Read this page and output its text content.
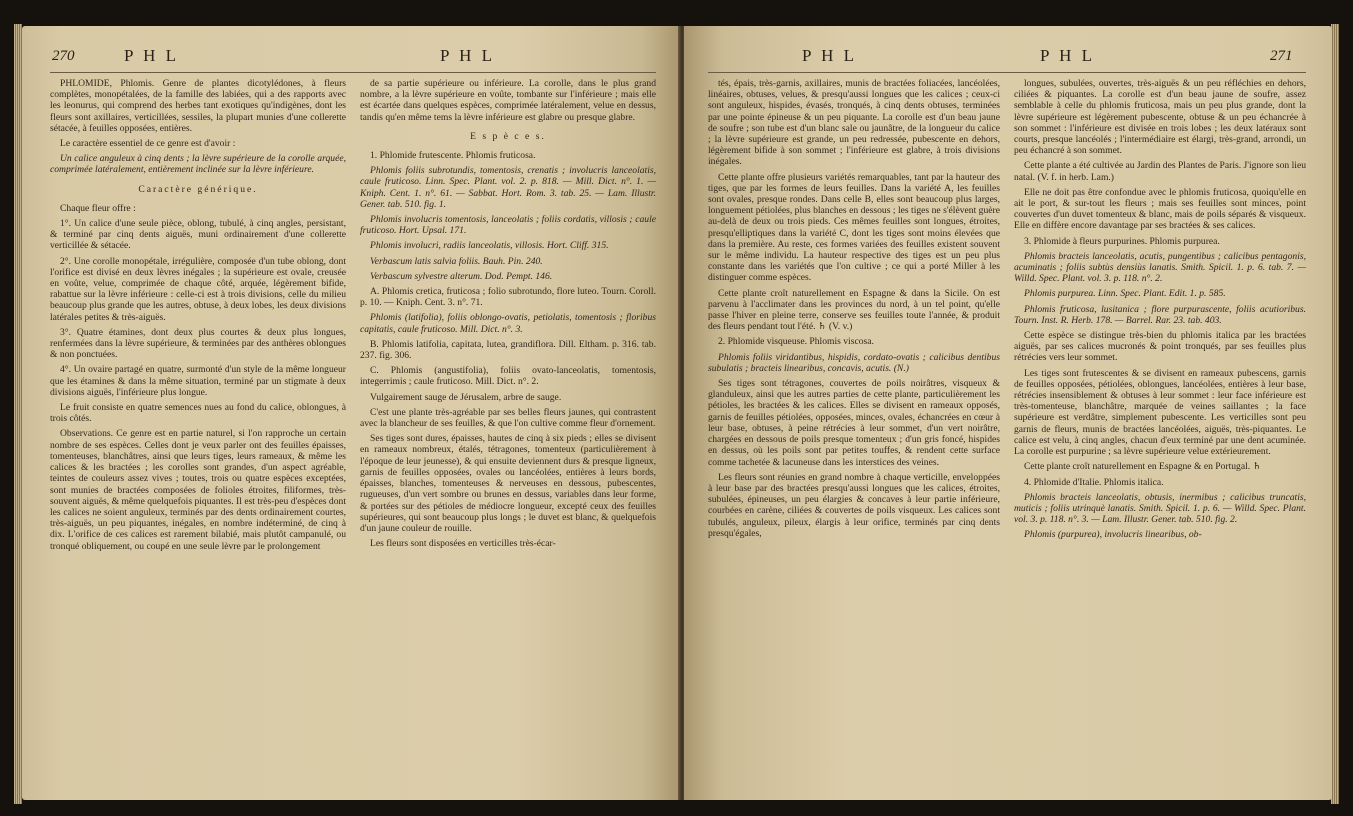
270	P H L	P H L

PHLOMIDE, Phlomis. Genre de plantes dicotylédones, à fleurs complètes, monopétalées, de la famille des labiées, qui a des rapports avec les leonurus, qui comprend des herbes tant exotiques qu'indigènes, dont les fleurs sont axillaires, verticillées, sessiles, la plupart munies d'une collerette sétacée, à feuilles opposées, entières.

Le caractère essentiel de ce genre est d'avoir :

Un calice anguleux à cinq dents ; la lèvre supérieure de la corolle arquée, comprimée latéralement, entièrement inclinée sur la lèvre inférieure.

Caractère générique.

Chaque fleur offre :

1°. Un calice d'une seule pièce, oblong, tubulé, à cinq angles, persistant, & terminé par cinq dents aiguës, muni ordinairement d'une collerette verticillée & sétacée.

2°. Une corolle monopétale, irrégulière, composée d'un tube oblong, dont l'orifice est divisé en deux lèvres inégales ; la supérieure est ovale, creusée en voûte, velue, comprimée de chaque côté, arquée, légèrement bifide, rabattue sur la lèvre inférieure : celle-ci est à trois divisions, celle du milieu beaucoup plus grande que les autres, obtuse, à deux lobes, les deux divisions latérales petites & très-aiguës.

3°. Quatre étamines, dont deux plus courtes & deux plus longues, renfermées dans la lèvre supérieure, & terminées par des anthères oblongues & non ponctuées.

4°. Un ovaire partagé en quatre, surmonté d'un style de la même longueur que les étamines & dans la même situation, terminé par un stigmate à deux divisions aiguës, l'inférieure plus longue.

Le fruit consiste en quatre semences nues au fond du calice, oblongues, à trois côtés.

Observations. Ce genre est en partie naturel, si l'on rapproche un certain nombre de ses espèces. Celles dont je veux parler ont des feuilles épaisses, tomenteuses, blanchâtres, ainsi que leurs tiges, leurs rameaux, & même les calices & les bractées ; les corolles sont grandes, d'un aspect agréable, teintes de couleurs assez vives ; toutes, trois ou quatre espèces exceptées, sont munies de bractées composées de folioles étroites, filiformes, très-souvent aiguës, & même quelquefois piquantes. Il est très-peu d'espèces dont les calices ne soient anguleux, terminés par des dents ordinairement courtes, très-aiguës, un peu piquantes, inégales, en nombre indéterminé, de cinq à dix. L'orifice de ces calices est rarement bilabié, mais plutôt campanulé, ou tronqué obliquement, ou coupé en une seule lèvre par le prolongement

de sa partie supérieure ou inférieure. La corolle, dans le plus grand nombre, a la lèvre supérieure en voûte, tombante sur l'inférieure ; mais elle est écartée dans quelques espèces, comprimée latéralement, velue en dessus, tandis qu'en même tems la lèvre inférieure est glabre ou presque glabre.

E s p è c e s.

1. Phlomide frutescente. Phlomis fruticosa.

Phlomis foliis subrotundis, tomentosis, crenatis ; involucris lanceolatis, caule fruticoso. Linn. Spec. Plant. vol. 2. p. 818. — Mill. Dict. n°. 1. — Kniph. Cent. 1. n°. 61. — Sabbat. Hort. Rom. 3. tab. 25. — Lam. Illustr. Gener. tab. 510. fig. 1.

Phlomis involucris tomentosis, lanceolatis ; foliis cordatis, villosis ; caule fruticoso. Hort. Upsal. 171.

Phlomis involucri, radiis lanceolatis, villosis. Hort. Cliff. 315.

Verbascum latis salvia foliis. Bauh. Pin. 240.

Verbascum sylvestre alterum. Dod. Pempt. 146.

A. Phlomis cretica, fruticosa ; folio subrotundo, flore luteo. Tourn. Coroll. p. 10. — Kniph. Cent. 3. n°. 71.

Phlomis (latifolia), foliis oblongo-ovatis, petiolatis, tomentosis ; floribus capitatis, caule fruticoso. Mill. Dict. n°. 3.

B. Phlomis latifolia, capitata, lutea, grandiflora. Dill. Eltham. p. 316. tab. 237. fig. 306.

C. Phlomis (angustifolia), foliis ovato-lanceolatis, tomentosis, integerrimis ; caule fruticoso. Mill. Dict. n°. 2.

Vulgairement sauge de Jérusalem, arbre de sauge.

C'est une plante très-agréable par ses belles fleurs jaunes, qui contrastent avec la blancheur de ses feuilles, & que l'on cultive comme fleur d'ornement.

Ses tiges sont dures, épaisses, hautes de cinq à six pieds ; elles se divisent en rameaux nombreux, étalés, tétragones, tomenteux (particulièrement à l'époque de leur jeunesse), & qui ensuite deviennent durs & presque ligneux, garnis de feuilles opposées, ovales ou lancéolées, entières à leurs bords, épaisses, blanches, tomenteuses & nerveuses en dessous, pubescentes, rugueuses, d'un vert sombre ou brunes en dessus, variables dans leur forme, & portées sur des pétioles de médiocre longueur, excepté ceux des feuilles supérieures, qui sont beaucoup plus longs ; le duvet est blanc, & quelquefois d'un jaune couleur de rouille.

Les fleurs sont disposées en verticilles très-écar-

P H L	P H L	271

tés, épais, très-garnis, axillaires, munis de bractées foliacées, lancéolées, linéaires, obtuses, velues, & presqu'aussi longues que les calices ; ceux-ci sont anguleux, hispides, évasés, tronqués, à cinq dents obtuses, terminées par une pointe épineuse & un peu piquante. La corolle est d'un beau jaune de soufre ; son tube est d'un blanc sale ou jaunâtre, de la longueur du calice ; la lèvre supérieure est grande, un peu redressée, pubescente en dehors, légèrement bifide à son sommet ; l'inférieure est glabre, à trois divisions inégales.

Cette plante offre plusieurs variétés remarquables, tant par la hauteur des tiges, que par les formes de leurs feuilles. Dans la variété A, les feuilles sont ovales, presque rondes. Dans celle B, elles sont beaucoup plus larges, longuement pétiolées, plus blanches en dessous ; les tiges ne s'élèvent guère au-delà de deux ou trois pieds. Ces mêmes feuilles sont longues, étroites, presqu'elliptiques dans la variété C, dont les tiges sont moins élevées que dans la première. Au reste, ces formes variées des feuilles existent souvent sur le même individu. La hauteur respective des tiges est un peu plus constante dans les variétés que l'on cultive ; ce qui a porté Miller à les distinguer comme espèces.

Cette plante croît naturellement en Espagne & dans la Sicile. On est parvenu à l'acclimater dans les provinces du nord, à un tel point, qu'elle passe l'hiver en pleine terre, conserve ses feuilles toute l'année, & produit des fleurs pendant tout l'été. ♄ (V. v.)

2. Phlomide visqueuse. Phlomis viscosa.

Phlomis foliis viridantibus, hispidis, cordato-ovatis ; calicibus dentibus subulatis ; bracteis linearibus, concavis, acutis. (N.)

Ses tiges sont tétragones, couvertes de poils noirâtres, visqueux & glanduleux, ainsi que les autres parties de cette plante, particulièrement les pétioles, les bractées & les calices. Elles se divisent en rameaux opposés, garnis de feuilles pétiolées, opposées, minces, ovales, échancrées en cœur à leur base, obtuses, à peine rétrécies à leur sommet, d'un vert noirâtre, chargées en dessous de poils presque tomenteux ; d'un gris foncé, hispides en dessus, où les poils sont par petites touffes, & rendent cette surface comme tachetée & lacuneuse dans les interstices des veines.

Les fleurs sont réunies en grand nombre à chaque verticille, enveloppées à leur base par des bractées presqu'aussi longues que les calices, étroites, subulées, épineuses, un peu élargies & concaves à leur partie inférieure, courbées en carène, ciliées & couvertes de poils visqueux. Les calices sont tubulés, anguleux, pileux, élargis à leur orifice, terminés par cinq dents presqu'égales,

longues, subulées, ouvertes, très-aiguës & un peu réfléchies en dehors, ciliées & piquantes. La corolle est d'un beau jaune de soufre, assez semblable à celle du phlomis fruticosa, mais un peu plus grande, dont la lèvre supérieure est légèrement pubescente, obtuse & un peu échancrée à son sommet : l'inférieure est divisée en trois lobes ; les deux latéraux sont courts, presque lancéolés ; l'intermédiaire est élargi, très-grand, arrondi, un peu échancré à son sommet.

Cette plante a été cultivée au Jardin des Plantes de Paris. J'ignore son lieu natal. (V. f. in herb. Lam.)

Elle ne doit pas être confondue avec le phlomis fruticosa, quoiqu'elle en ait le port, & sur-tout les fleurs ; mais ses feuilles sont minces, point couvertes d'un duvet tomenteux & blanc, mais de poils séparés & visqueux. Elle en diffère encore davantage par ses bractées & ses calices.

3. Phlomide à fleurs purpurines. Phlomis purpurea.

Phlomis bracteis lanceolatis, acutis, pungentibus ; calicibus pentagonis, acuminatis ; foliis subtùs densiùs lanatis. Smith. Spicil. 1. p. 6. tab. 7. — Willd. Spec. Plant. vol. 3. p. 118. n°. 2.

Phlomis purpurea. Linn. Spec. Plant. Edit. 1. p. 585.

Phlomis fruticosa, lusitanica ; flore purpurascente, foliis acutioribus. Tourn. Inst. R. Herb. 178. — Barrel. Rar. 23. tab. 403.

Cette espèce se distingue très-bien du phlomis italica par les bractées aiguës, par ses calices mucronés & point tronqués, par ses feuilles plus rétrécies vers leur sommet.

Les tiges sont frutescentes & se divisent en rameaux pubescens, garnis de feuilles opposées, pétiolées, oblongues, lancéolées, entières à leur base, rétrécies insensiblement & obtuses à leur sommet : leur face inférieure est très-tomenteuse, blanchâtre, marquée de veines saillantes ; la face supérieure est verdâtre, simplement pubescente. Les verticilles sont peu garnis de fleurs, munis de bractées lancéolées, aiguës, très-piquantes. Le calice est velu, à cinq angles, chacun d'eux terminé par une dent acuminée. La corolle est purpurine ; sa lèvre supérieure velue extérieurement.

Cette plante croît naturellement en Espagne & en Portugal. ♄

4. Phlomide d'Italie. Phlomis italica.

Phlomis bracteis lanceolatis, obtusis, inermibus ; calicibus truncatis, muticis ; foliis utrinquè lanatis. Smith. Spicil. 1. p. 6. — Willd. Spec. Plant. vol. 3. p. 118. n°. 3. — Lam. Illustr. Gener. tab. 510. fig. 2.

Phlomis (purpurea), involucris linearibus, ob-
